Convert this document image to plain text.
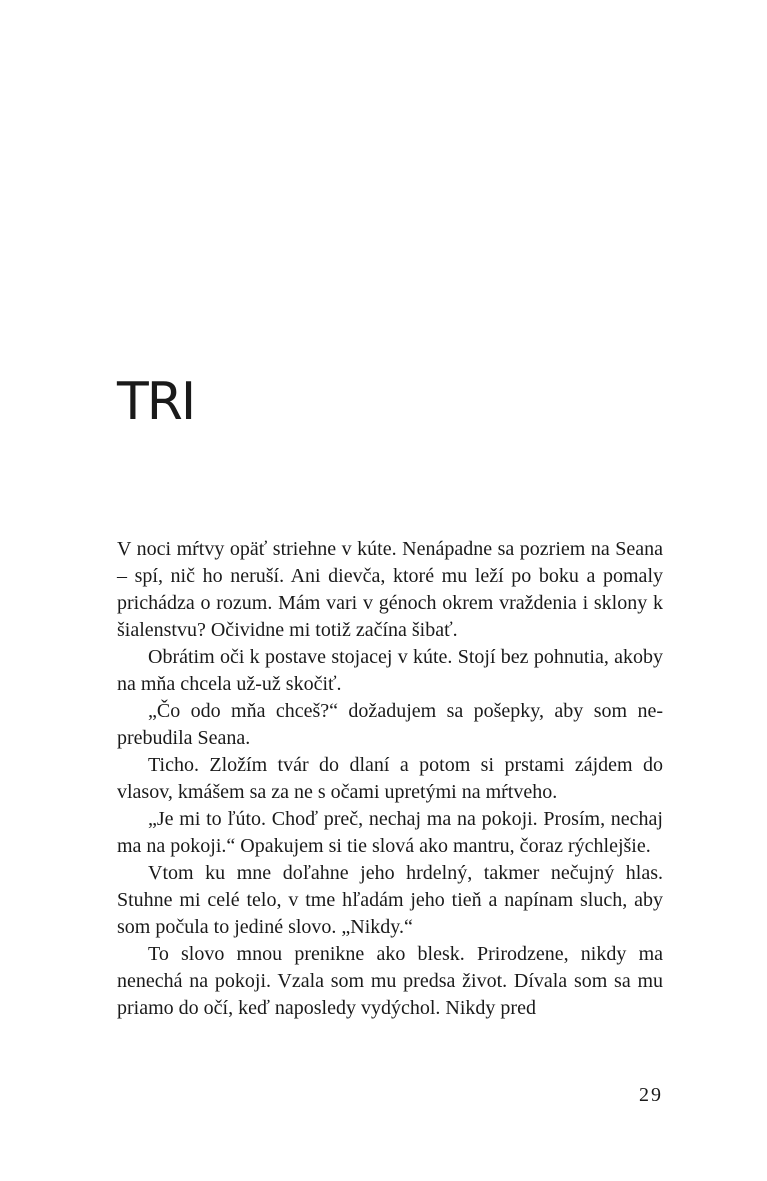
TRI

V noci mŕtvy opäť striehne v kúte. Nenápadne sa pozriem na Seana – spí, nič ho neruší. Ani dievča, ktoré mu leží po boku a pomaly prichádza o rozum. Mám vari v génoch okrem vraždenia i sklony k šialenstvu? Očividne mi totiž začína šibať.

Obrátim oči k postave stojacej v kúte. Stojí bez pohnutia, akoby na mňa chcela už-už skočiť.

„Čo odo mňa chceš?“ dožadujem sa pošepky, aby som neprebudila Seana.

Ticho. Zložím tvár do dlaní a potom si prstami zájdem do vlasov, kmášem sa za ne s očami upretými na mŕtveho.

„Je mi to ľúto. Choď preč, nechaj ma na pokoji. Prosím, nechaj ma na pokoji.“ Opakujem si tie slová ako mantru, čoraz rýchlejšie.

Vtom ku mne doľahne jeho hrdelný, takmer nečujný hlas. Stuhne mi celé telo, v tme hľadám jeho tieň a napínam sluch, aby som počula to jediné slovo. „Nikdy.“

To slovo mnou prenikne ako blesk. Prirodzene, nikdy ma nenechá na pokoji. Vzala som mu predsa život. Dívala som sa mu priamo do očí, keď naposledy vydýchol. Nikdy pred

29
